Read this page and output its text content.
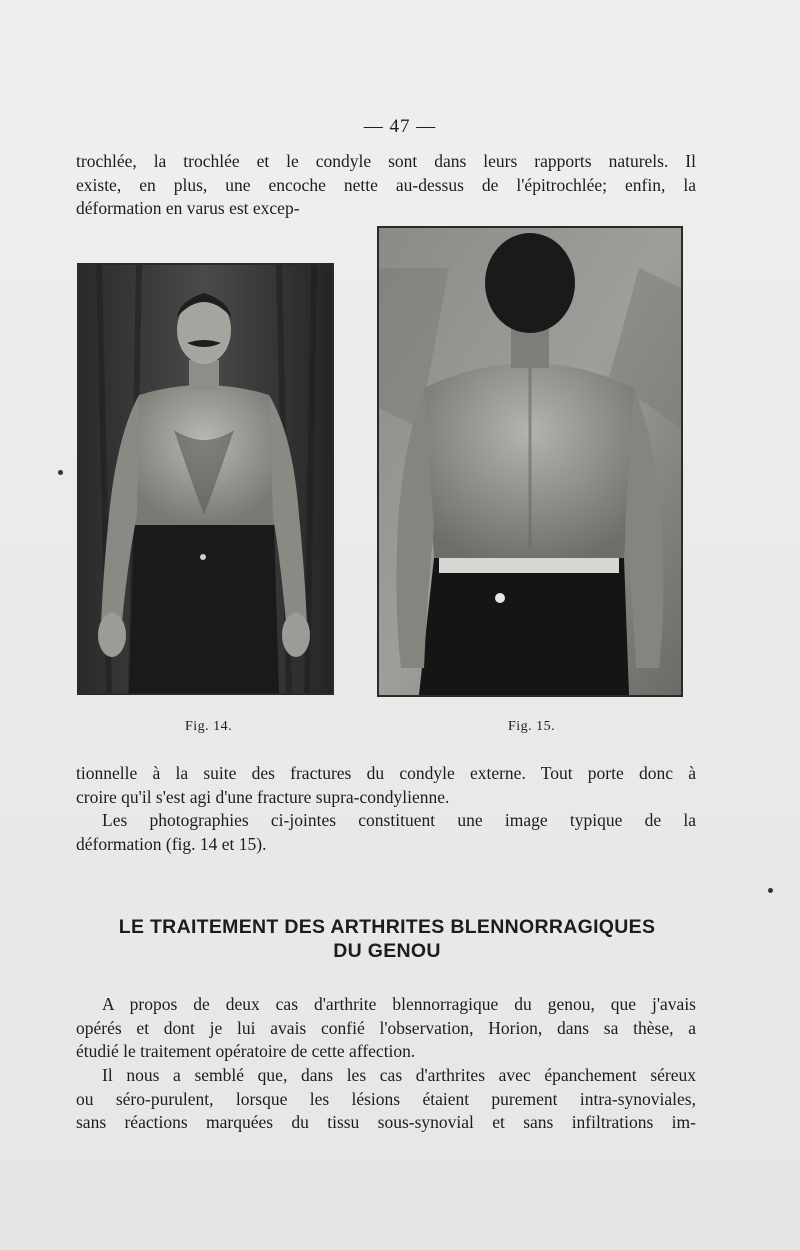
— 47 —
trochlée, la trochlée et le condyle sont dans leurs rapports naturels. Il
existe, en plus, une encoche nette au-dessus de l'épitrochlée; enfin, la
déformation en varus est excep-
Fig. 14.	Fig. 15.
tionnelle à la suite des fractures du condyle externe. Tout porte donc à
croire qu'il s'est agi d'une fracture supra-condylienne.
Les photographies ci-jointes constituent une image typique de la
déformation (fig. 14 et 15).
LE TRAITEMENT DES ARTHRITES BLENNORRAGIQUES
DU GENOU
A propos de deux cas d'arthrite blennorragique du genou, que j'avais
opérés et dont je lui avais confié l'observation, Horion, dans sa thèse, a
étudié le traitement opératoire de cette affection.
Il nous a semblé que, dans les cas d'arthrites avec épanchement séreux
ou séro-purulent, lorsque les lésions étaient purement intra-synoviales,
sans réactions marquées du tissu sous-synovial et sans infiltrations im-
